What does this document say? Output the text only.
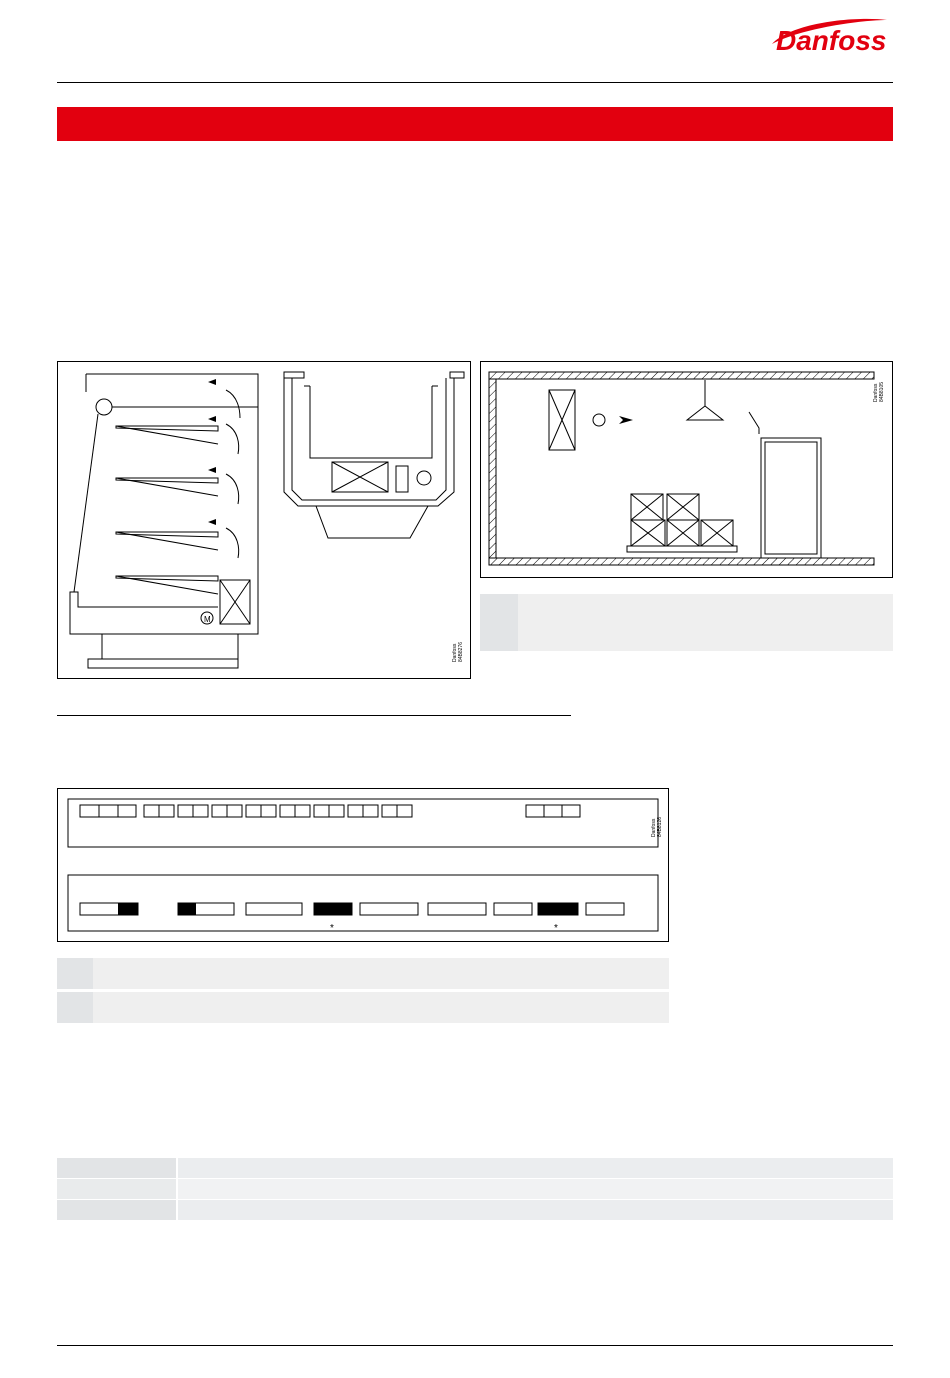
Danfoss
M
Danfoss 84B8276
Danfoss 84B8105
*	*
Danfoss 84B8126
